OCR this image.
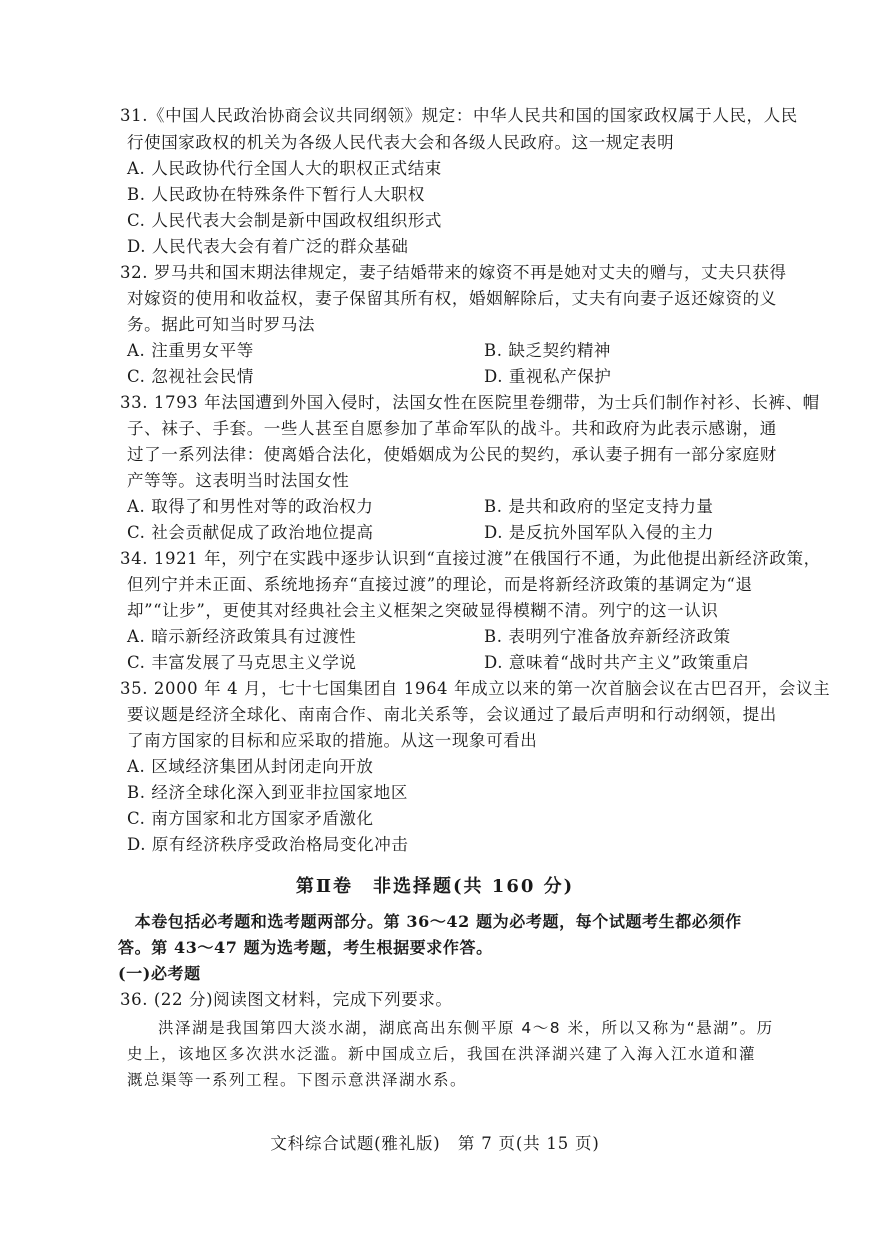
31.《中国人民政治协商会议共同纲领》规定：中华人民共和国的国家政权属于人民，人民
行使国家政权的机关为各级人民代表大会和各级人民政府。这一规定表明
A. 人民政协代行全国人大的职权正式结束
B. 人民政协在特殊条件下暂行人大职权
C. 人民代表大会制是新中国政权组织形式
D. 人民代表大会有着广泛的群众基础
32. 罗马共和国末期法律规定，妻子结婚带来的嫁资不再是她对丈夫的赠与，丈夫只获得
对嫁资的使用和收益权，妻子保留其所有权，婚姻解除后，丈夫有向妻子返还嫁资的义
务。据此可知当时罗马法
A. 注重男女平等	B. 缺乏契约精神
C. 忽视社会民情	D. 重视私产保护
33. 1793 年法国遭到外国入侵时，法国女性在医院里卷绷带，为士兵们制作衬衫、长裤、帽
子、袜子、手套。一些人甚至自愿参加了革命军队的战斗。共和政府为此表示感谢，通
过了一系列法律：使离婚合法化，使婚姻成为公民的契约，承认妻子拥有一部分家庭财
产等等。这表明当时法国女性
A. 取得了和男性对等的政治权力	B. 是共和政府的坚定支持力量
C. 社会贡献促成了政治地位提高	D. 是反抗外国军队入侵的主力
34. 1921 年，列宁在实践中逐步认识到“直接过渡”在俄国行不通，为此他提出新经济政策，
但列宁并未正面、系统地扬弃“直接过渡”的理论，而是将新经济政策的基调定为“退
却”“让步”，更使其对经典社会主义框架之突破显得模糊不清。列宁的这一认识
A. 暗示新经济政策具有过渡性	B. 表明列宁准备放弃新经济政策
C. 丰富发展了马克思主义学说	D. 意味着“战时共产主义”政策重启
35. 2000 年 4 月，七十七国集团自 1964 年成立以来的第一次首脑会议在古巴召开，会议主
要议题是经济全球化、南南合作、南北关系等，会议通过了最后声明和行动纲领，提出
了南方国家的目标和应采取的措施。从这一现象可看出
A. 区域经济集团从封闭走向开放
B. 经济全球化深入到亚非拉国家地区
C. 南方国家和北方国家矛盾激化
D. 原有经济秩序受政治格局变化冲击
第Ⅱ卷　非选择题(共 160 分)
　本卷包括必考题和选考题两部分。第 36～42 题为必考题，每个试题考生都必须作
答。第 43～47 题为选考题，考生根据要求作答。
(一)必考题
36. (22 分)阅读图文材料，完成下列要求。
洪泽湖是我国第四大淡水湖，湖底高出东侧平原 4～8 米，所以又称为“悬湖”。历
史上，该地区多次洪水泛滥。新中国成立后，我国在洪泽湖兴建了入海入江水道和灌
溉总渠等一系列工程。下图示意洪泽湖水系。
文科综合试题(雅礼版)　第 7 页(共 15 页)
